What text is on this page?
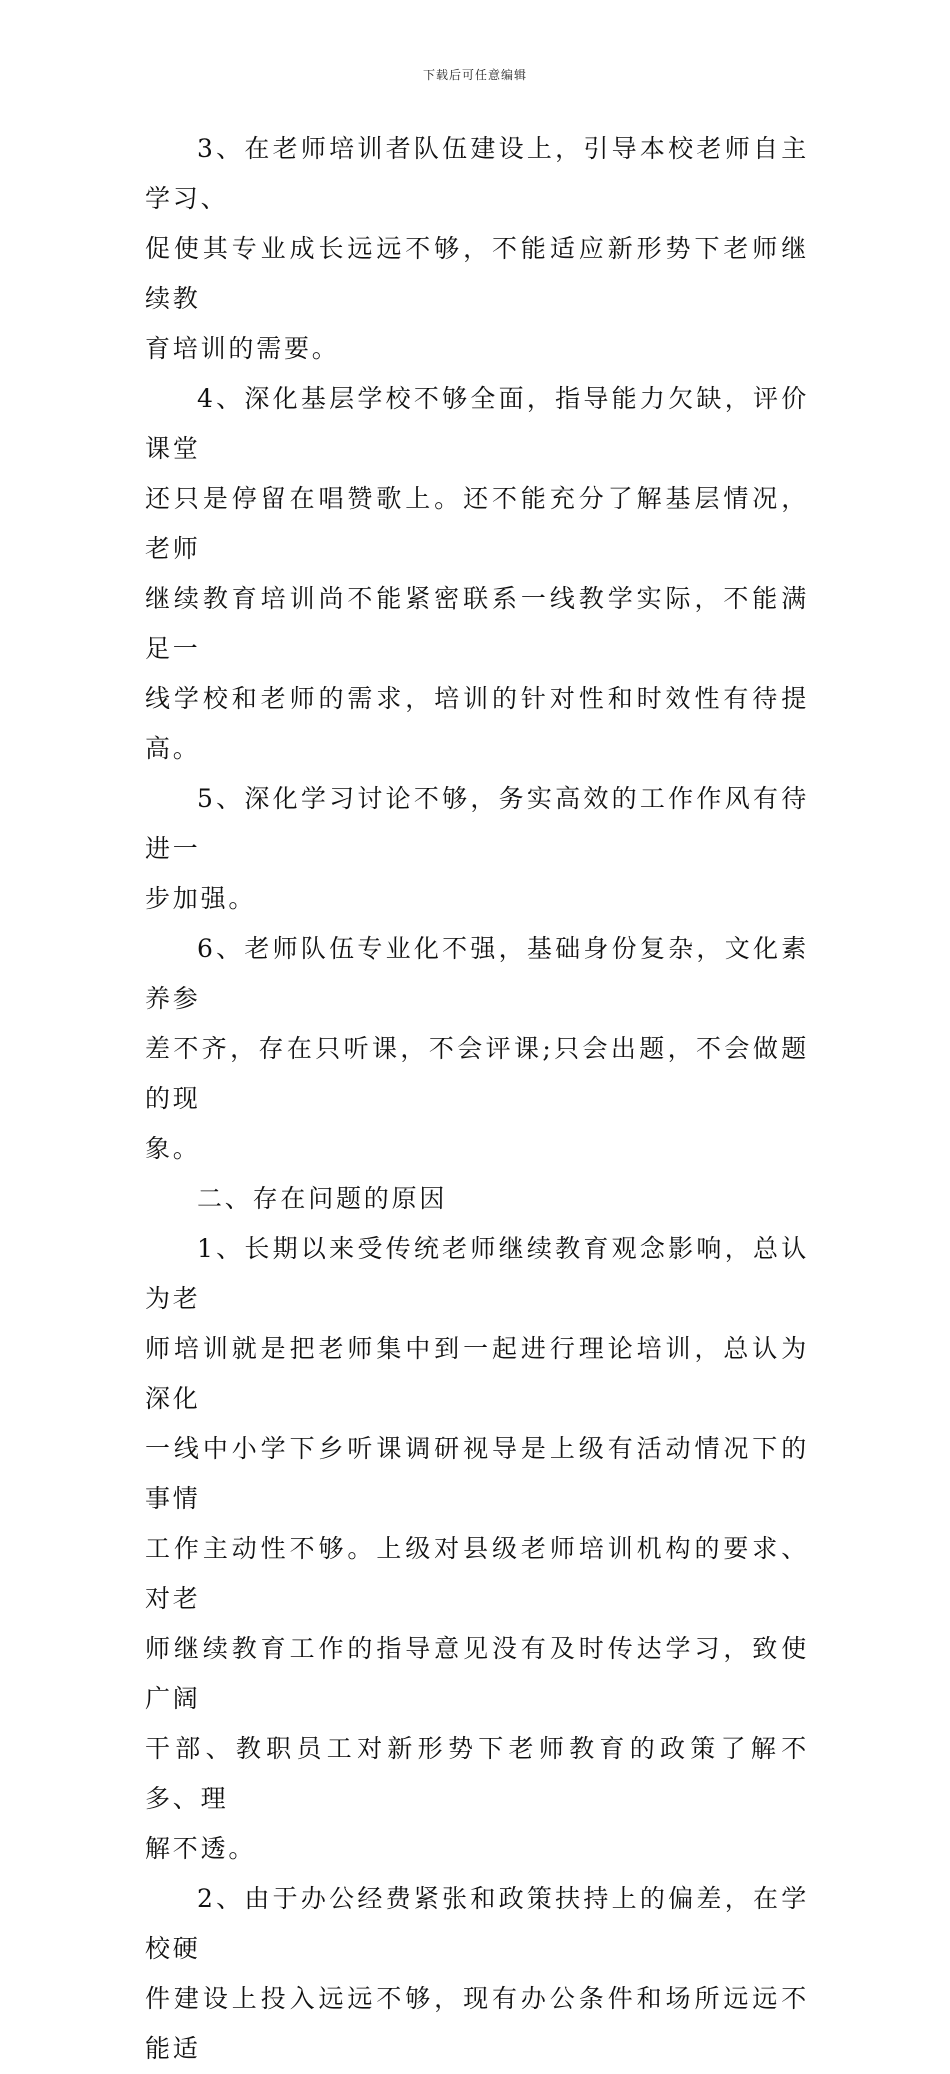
下载后可任意编辑

3、在老师培训者队伍建设上，引导本校老师自主学习、
促使其专业成长远远不够，不能适应新形势下老师继续教
育培训的需要。

4、深化基层学校不够全面，指导能力欠缺，评价课堂
还只是停留在唱赞歌上。还不能充分了解基层情况，老师
继续教育培训尚不能紧密联系一线教学实际，不能满足一
线学校和老师的需求，培训的针对性和时效性有待提高。

5、深化学习讨论不够，务实高效的工作作风有待进一
步加强。

6、老师队伍专业化不强，基础身份复杂，文化素养参
差不齐，存在只听课，不会评课;只会出题，不会做题的现
象。

二、存在问题的原因

1、长期以来受传统老师继续教育观念影响，总认为老
师培训就是把老师集中到一起进行理论培训，总认为深化
一线中小学下乡听课调研视导是上级有活动情况下的事情
工作主动性不够。上级对县级老师培训机构的要求、对老
师继续教育工作的指导意见没有及时传达学习，致使广阔
干部、教职员工对新形势下老师教育的政策了解不多、理
解不透。

2、由于办公经费紧张和政策扶持上的偏差，在学校硬
件建设上投入远远不够，现有办公条件和场所远远不能适
